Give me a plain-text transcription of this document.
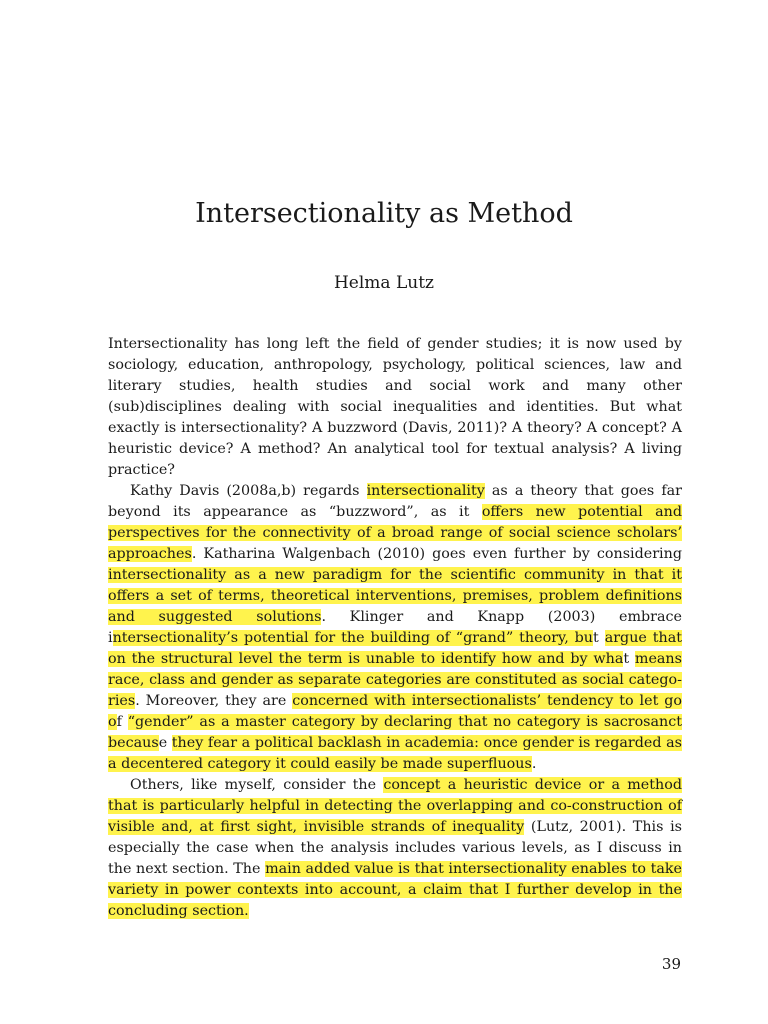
Intersectionality as Method
Helma Lutz

Intersectionality has long left the field of gender studies; it is now used by sociology, education, anthropology, psychology, political sciences, law and literary studies, health studies and social work and many other (sub)disciplines dealing with social inequalities and identities. But what exactly is intersectionality? A buzzword (Davis, 2011)? A theory? A concept? A heuristic device? A method? An analytical tool for textual analysis? A living practice?

Kathy Davis (2008a,b) regards intersectionality as a theory that goes far beyond its appearance as “buzzword”, as it offers new potential and perspectives for the connectivity of a broad range of social science scholars’ approaches. Katharina Walgenbach (2010) goes even further by considering intersectionality as a new paradigm for the scientific community in that it offers a set of terms, theoretical interventions, premises, problem definitions and suggested solutions. Klinger and Knapp (2003) embrace intersectionality’s potential for the building of “grand” theory, but argue that on the structural level the term is unable to identify how and by what means race, class and gender as separate categories are constituted as social categories. Moreover, they are concerned with intersectionalists’ tendency to let go of “gender” as a master category by declaring that no category is sacrosanct because they fear a political backlash in academia: once gender is regarded as a decentered category it could easily be made superfluous.

Others, like myself, consider the concept a heuristic device or a method that is particularly helpful in detecting the overlapping and co-construction of visible and, at first sight, invisible strands of inequality (Lutz, 2001). This is especially the case when the analysis includes various levels, as I discuss in the next section. The main added value is that intersectionality enables to take variety in power contexts into account, a claim that I further develop in the concluding section.

39
